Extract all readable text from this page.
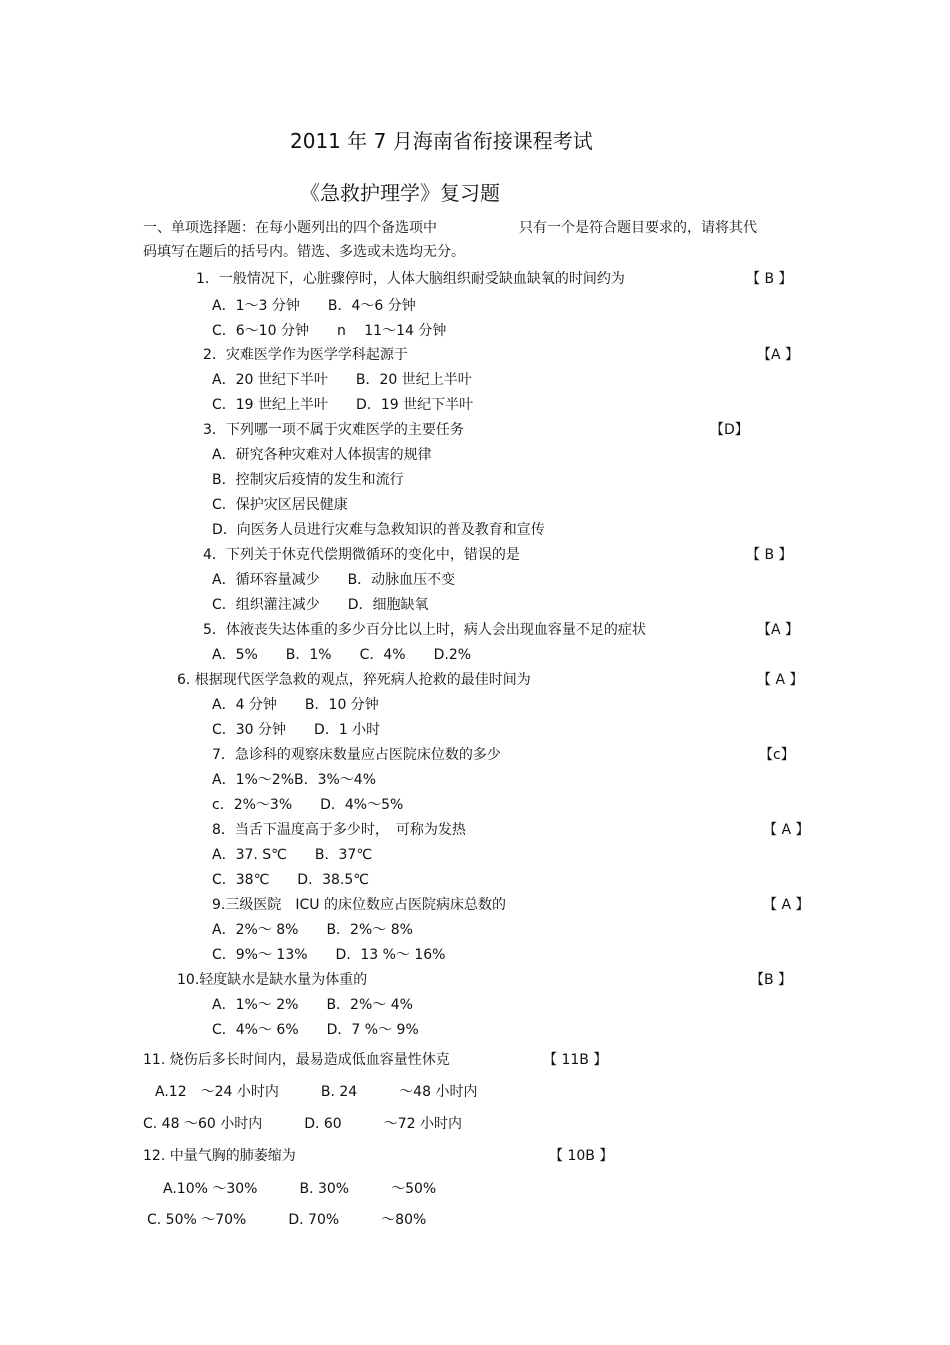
2011 年 7 月海南省衔接课程考试
《急救护理学》复习题
一、单项选择题：在每小题列出的四个备选项中	只有一个是符合题目要求的，请将其代
码填写在题后的括号内。错选、多选或未选均无分。
1．一般情况下，心脏骤停时，人体大脑组织耐受缺血缺氧的时间约为	【 B 】
A．1～3 分钟　　B．4～6 分钟
C．6～10 分钟　　n　 11～14 分钟
2．灾难医学作为医学学科起源于	【A 】
A．20 世纪下半叶　　B．20 世纪上半叶
C．19 世纪上半叶　　D．19 世纪下半叶
3．下列哪一项不属于灾难医学的主要任务	【D】
A．研究各种灾难对人体损害的规律
B．控制灾后疫情的发生和流行
C．保护灾区居民健康
D．向医务人员进行灾难与急救知识的普及教育和宣传
4．下列关于休克代偿期微循环的变化中，错误的是	【 B 】
A．循环容量减少　　B．动脉血压不变
C．组织灌注减少　　D．细胞缺氧
5．体液丧失达体重的多少百分比以上时，病人会出现血容量不足的症状	【A 】
A．5%　　B．1%　　C．4%　　D.2%
6. 根据现代医学急救的观点，猝死病人抢救的最佳时间为	【 A 】
A．4 分钟　　B．10 分钟
C．30 分钟　　D．1 小时
7．急诊科的观察床数量应占医院床位数的多少	【c】
A．1%～2%B．3%～4%
c．2%～3%　　D．4%～5%
8．当舌下温度高于多少时，　可称为发热	【 A 】
A．37. S℃　　B．37℃
C．38℃　　D．38.5℃
9.三级医院　ICU 的床位数应占医院病床总数的	【 A 】
A．2%～ 8%　　B．2%～ 8%
C．9%～ 13%　　D．13 %～ 16%
10.轻度缺水是缺水量为体重的	【B 】
A．1%～ 2%　　B．2%～ 4%
C．4%～ 6%　　D．7 %～ 9%
11. 烧伤后多长时间内，最易造成低血容量性休克	【 11B 】
A.12　～24 小时内　　　B. 24　　　～48 小时内
C. 48 ～60 小时内　　　D. 60　　　～72 小时内
12. 中量气胸的肺萎缩为	【 10B 】
A.10% ～30%　　　B. 30%　　　～50%
C. 50% ～70%　　　D. 70%　　　～80%
